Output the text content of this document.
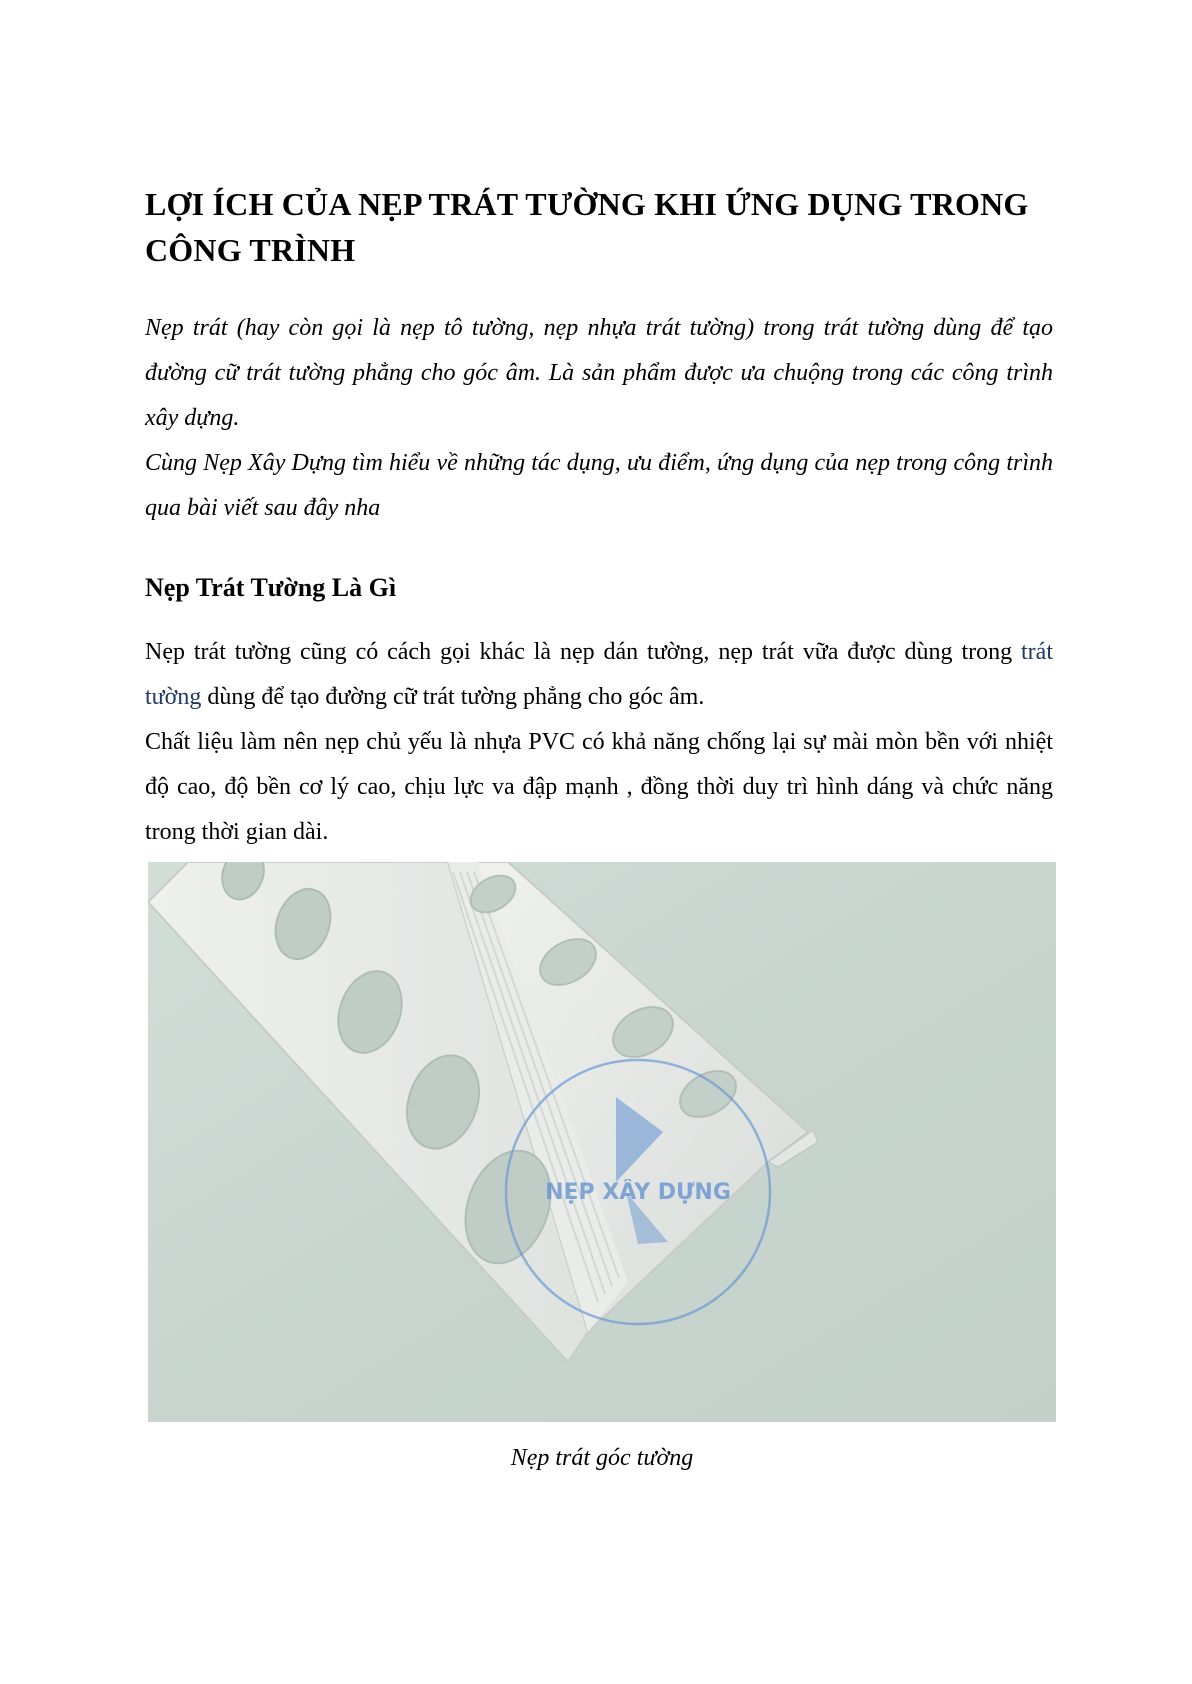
LỢI ÍCH CỦA NẸP TRÁT TƯỜNG KHI ỨNG DỤNG TRONG CÔNG TRÌNH

Nẹp trát (hay còn gọi là nẹp tô tường, nẹp nhựa trát tường) trong trát tường dùng để tạo đường cữ trát tường phẳng cho góc âm. Là sản phẩm được ưa chuộng trong các công trình xây dựng.

Cùng Nẹp Xây Dựng tìm hiểu về những tác dụng, ưu điểm, ứng dụng của nẹp trong công trình qua bài viết sau đây nha

Nẹp Trát Tường Là Gì

Nẹp trát tường cũng có cách gọi khác là nẹp dán tường, nẹp trát vữa được dùng trong trát tường dùng để tạo đường cữ trát tường phẳng cho góc âm.

Chất liệu làm nên nẹp chủ yếu là nhựa PVC có khả năng chống lại sự mài mòn bền với nhiệt độ cao, độ bền cơ lý cao, chịu lực va đập mạnh , đồng thời duy trì hình dáng và chức năng trong thời gian dài.

NẸP XÂY DỰNG

Nẹp trát góc tường
